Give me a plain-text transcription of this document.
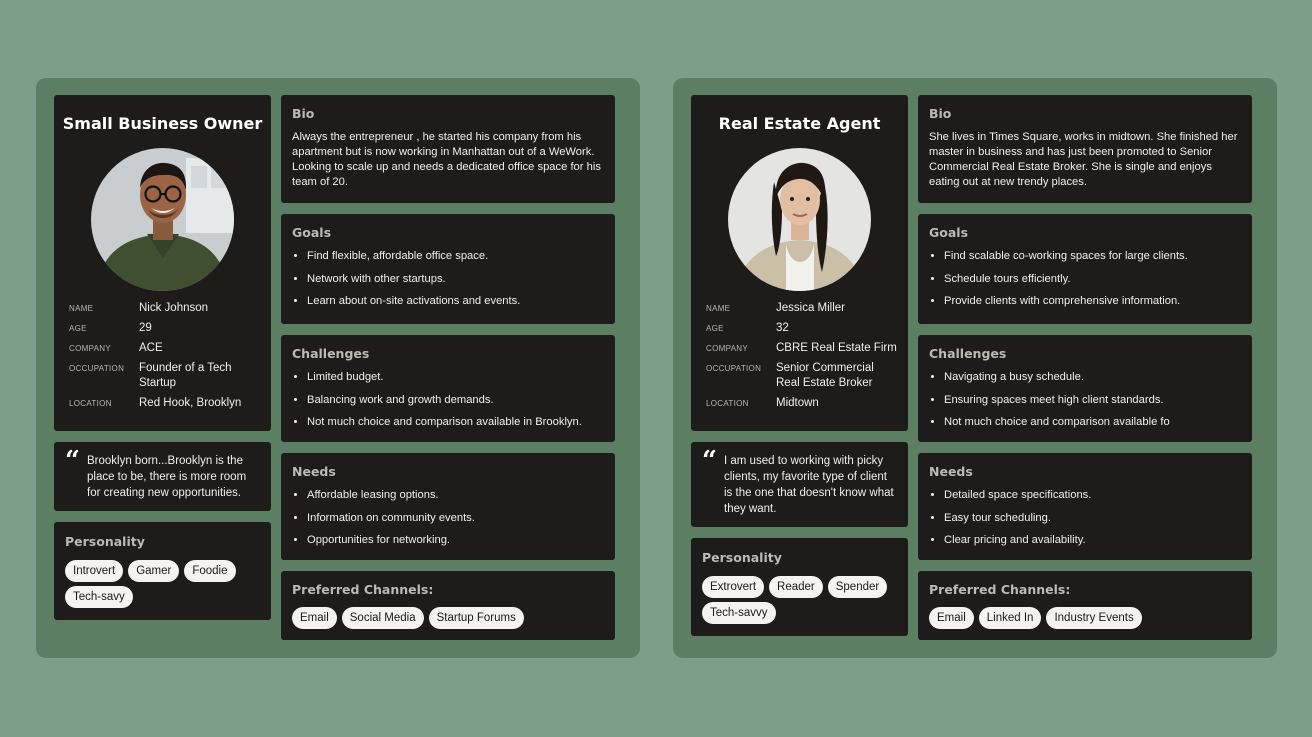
Small Business Owner
NAME	Nick Johnson
AGE	29
COMPANY	ACE
OCCUPATION	Founder of a Tech Startup
LOCATION	Red Hook, Brooklyn
“ Brooklyn born...Brooklyn is the place to be, there is more room for creating new opportunities.
Personality
Introvert	Gamer	Foodie
Tech-savy
Bio
Always the entrepreneur , he started his company from his apartment but is now working in Manhattan out of a WeWork. Looking to scale up and needs a dedicated office space for his team of 20.
Goals
• Find flexible, affordable office space.
• Network with other startups.
• Learn about on-site activations and events.
Challenges
• Limited budget.
• Balancing work and growth demands.
• Not much choice and comparison available in Brooklyn.
Needs
• Affordable leasing options.
• Information on community events.
• Opportunities for networking.
Preferred Channels:
Email	Social Media	Startup Forums
Real Estate Agent
NAME	Jessica Miller
AGE	32
COMPANY	CBRE Real Estate Firm
OCCUPATION	Senior Commercial Real Estate Broker
LOCATION	Midtown
“ I am used to working with picky clients, my favorite type of client is the one that doesn't know what they want.
Personality
Extrovert	Reader	Spender
Tech-savvy
Bio
She lives in Times Square, works in midtown. She finished her master in business and has just been promoted to Senior Commercial Real Estate Broker. She is single and enjoys eating out at new trendy places.
Goals
• Find scalable co-working spaces for large clients.
• Schedule tours efficiently.
• Provide clients with comprehensive information.
Challenges
• Navigating a busy schedule.
• Ensuring spaces meet high client standards.
• Not much choice and comparison available fo
Needs
• Detailed space specifications.
• Easy tour scheduling.
• Clear pricing and availability.
Preferred Channels:
Email	Linked In	Industry Events
